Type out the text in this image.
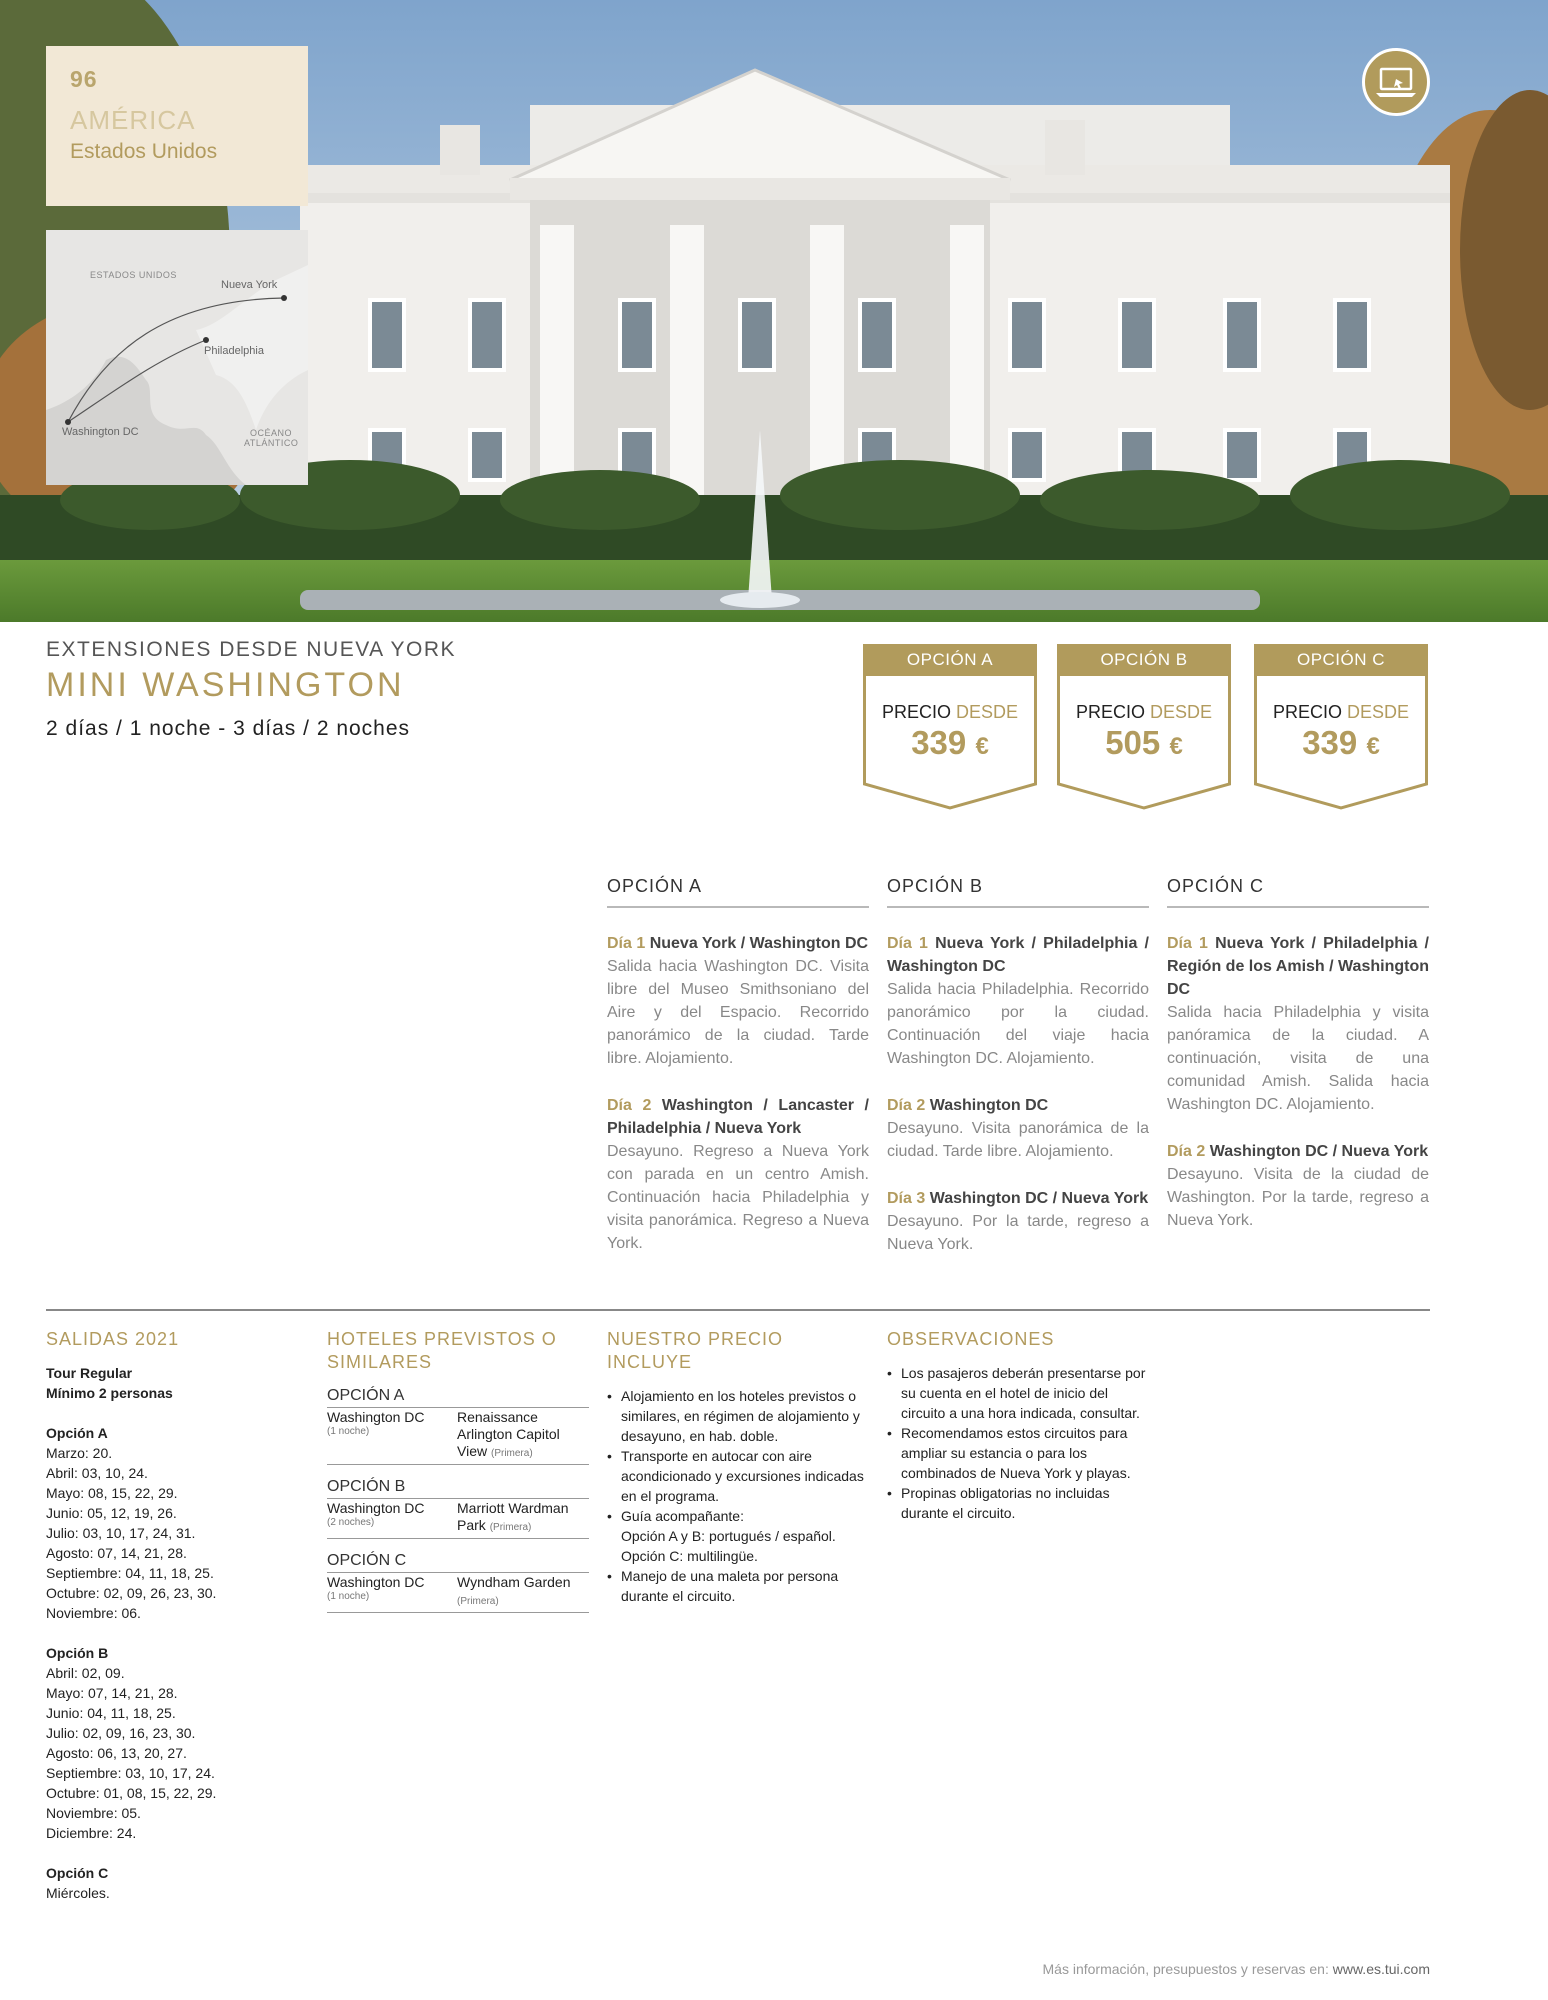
96
AMÉRICA
Estados Unidos
ESTADOS UNIDOS
Nueva York
Philadelphia
Washington DC	OCÉANO
ATLÁNTICO
EXTENSIONES DESDE NUEVA YORK
MINI WASHINGTON
2 días / 1 noche - 3 días / 2 noches
OPCIÓN A
PRECIO DESDE
339 €
OPCIÓN B
PRECIO DESDE
505 €
OPCIÓN C
PRECIO DESDE
339 €
OPCIÓN A
Día 1 Nueva York / Washington DC
Salida hacia Washington DC. Visita libre del Museo Smithsoniano del Aire y del Espacio. Recorrido panorámico de la ciudad. Tarde libre. Alojamiento.
Día 2 Washington / Lancaster / Philadelphia / Nueva York
Desayuno. Regreso a Nueva York con parada en un centro Amish. Continuación hacia Philadelphia y visita panorámica. Regreso a Nueva York.
OPCIÓN B
Día 1 Nueva York / Philadelphia / Washington DC
Salida hacia Philadelphia. Recorrido panorámico por la ciudad. Continuación del viaje hacia Washington DC. Alojamiento.
Día 2 Washington DC
Desayuno. Visita panorámica de la ciudad. Tarde libre. Alojamiento.
Día 3 Washington DC / Nueva York
Desayuno. Por la tarde, regreso a Nueva York.
OPCIÓN C
Día 1 Nueva York / Philadelphia / Región de los Amish / Washington DC
Salida hacia Philadelphia y visita panóramica de la ciudad. A continuación, visita de una comunidad Amish. Salida hacia Washington DC. Alojamiento.
Día 2 Washington DC / Nueva York
Desayuno. Visita de la ciudad de Washington. Por la tarde, regreso a Nueva York.
SALIDAS 2021
Tour Regular
Mínimo 2 personas
Opción A
Marzo: 20.
Abril: 03, 10, 24.
Mayo: 08, 15, 22, 29.
Junio: 05, 12, 19, 26.
Julio: 03, 10, 17, 24, 31.
Agosto: 07, 14, 21, 28.
Septiembre: 04, 11, 18, 25.
Octubre: 02, 09, 26, 23, 30.
Noviembre: 06.
Opción B
Abril: 02, 09.
Mayo: 07, 14, 21, 28.
Junio: 04, 11, 18, 25.
Julio: 02, 09, 16, 23, 30.
Agosto: 06, 13, 20, 27.
Septiembre: 03, 10, 17, 24.
Octubre: 01, 08, 15, 22, 29.
Noviembre: 05.
Diciembre: 24.
Opción C
Miércoles.
HOTELES PREVISTOS O SIMILARES
OPCIÓN A
Washington DC
(1 noche)
Renaissance Arlington Capitol View (Primera)
OPCIÓN B
Washington DC
(2 noches)
Marriott Wardman Park (Primera)
OPCIÓN C
Washington DC
(1 noche)
Wyndham Garden (Primera)
NUESTRO PRECIO INCLUYE
• Alojamiento en los hoteles previstos o similares, en régimen de alojamiento y desayuno, en hab. doble.
• Transporte en autocar con aire acondicionado y excursiones indicadas en el programa.
• Guía acompañante:
Opción A y B: portugués / español.
Opción C: multilingüe.
• Manejo de una maleta por persona durante el circuito.
OBSERVACIONES
• Los pasajeros deberán presentarse por su cuenta en el hotel de inicio del circuito a una hora indicada, consultar.
• Recomendamos estos circuitos para ampliar su estancia o para los combinados de Nueva York y playas.
• Propinas obligatorias no incluidas durante el circuito.
Más información, presupuestos y reservas en: www.es.tui.com
